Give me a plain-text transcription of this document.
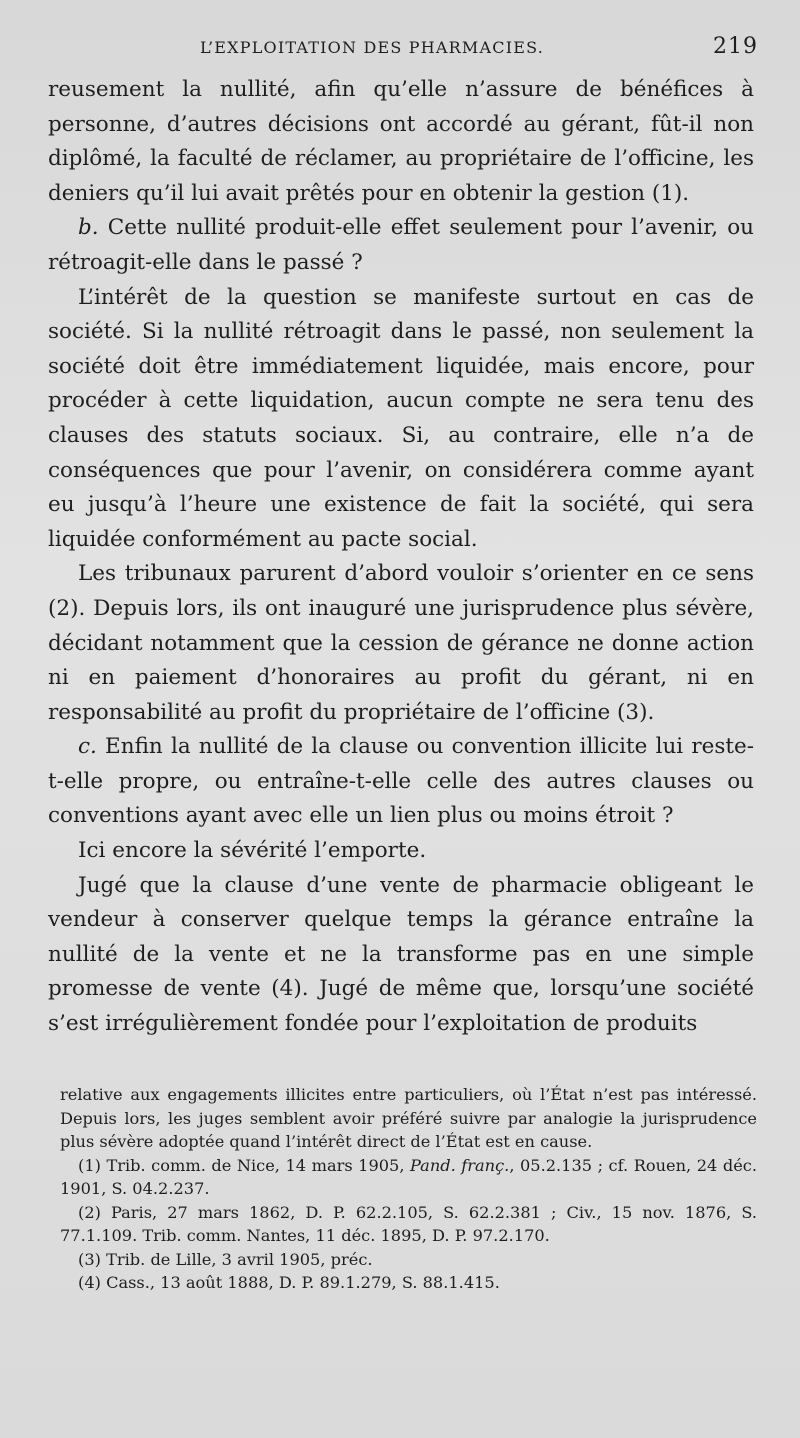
L’EXPLOITATION DES PHARMACIES.	219

reusement la nullité, afin qu’elle n’assure de bénéfices à personne, d’autres décisions ont accordé au gérant, fût-il non diplômé, la faculté de réclamer, au propriétaire de l’officine, les deniers qu’il lui avait prêtés pour en obtenir la gestion (1).

b. Cette nullité produit-elle effet seulement pour l’avenir, ou rétroagit-elle dans le passé ?

L’intérêt de la question se manifeste surtout en cas de société. Si la nullité rétroagit dans le passé, non seulement la société doit être immédiatement liquidée, mais encore, pour procéder à cette liquidation, aucun compte ne sera tenu des clauses des statuts sociaux. Si, au contraire, elle n’a de conséquences que pour l’avenir, on considérera comme ayant eu jusqu’à l’heure une existence de fait la société, qui sera liquidée conformément au pacte social.

Les tribunaux parurent d’abord vouloir s’orienter en ce sens (2). Depuis lors, ils ont inauguré une jurisprudence plus sévère, décidant notamment que la cession de gérance ne donne action ni en paiement d’honoraires au profit du gérant, ni en responsabilité au profit du propriétaire de l’officine (3).

c. Enfin la nullité de la clause ou convention illicite lui reste-t-elle propre, ou entraîne-t-elle celle des autres clauses ou conventions ayant avec elle un lien plus ou moins étroit ?

Ici encore la sévérité l’emporte.

Jugé que la clause d’une vente de pharmacie obligeant le vendeur à conserver quelque temps la gérance entraîne la nullité de la vente et ne la transforme pas en une simple promesse de vente (4). Jugé de même que, lorsqu’une société s’est irrégulièrement fondée pour l’exploitation de produits

relative aux engagements illicites entre particuliers, où l’État n’est pas intéressé. Depuis lors, les juges semblent avoir préféré suivre par analogie la jurisprudence plus sévère adoptée quand l’intérêt direct de l’État est en cause.

(1) Trib. comm. de Nice, 14 mars 1905, Pand. franç., 05.2.135 ; cf. Rouen, 24 déc. 1901, S. 04.2.237.

(2) Paris, 27 mars 1862, D. P. 62.2.105, S. 62.2.381 ; Civ., 15 nov. 1876, S. 77.1.109. Trib. comm. Nantes, 11 déc. 1895, D. P. 97.2.170.

(3) Trib. de Lille, 3 avril 1905, préc.

(4) Cass., 13 août 1888, D. P. 89.1.279, S. 88.1.415.
